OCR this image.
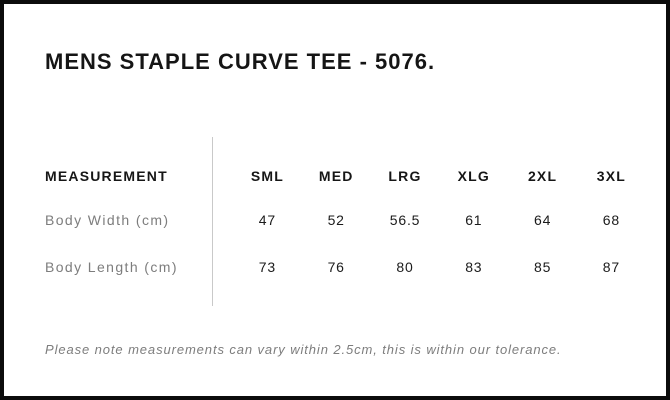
MENS STAPLE CURVE TEE - 5076.
MEASUREMENT	SML	MED	LRG	XLG	2XL	3XL
Body Width (cm)	47	52	56.5	61	64	68
Body Length (cm)	73	76	80	83	85	87

Please note measurements can vary within 2.5cm, this is within our tolerance.
